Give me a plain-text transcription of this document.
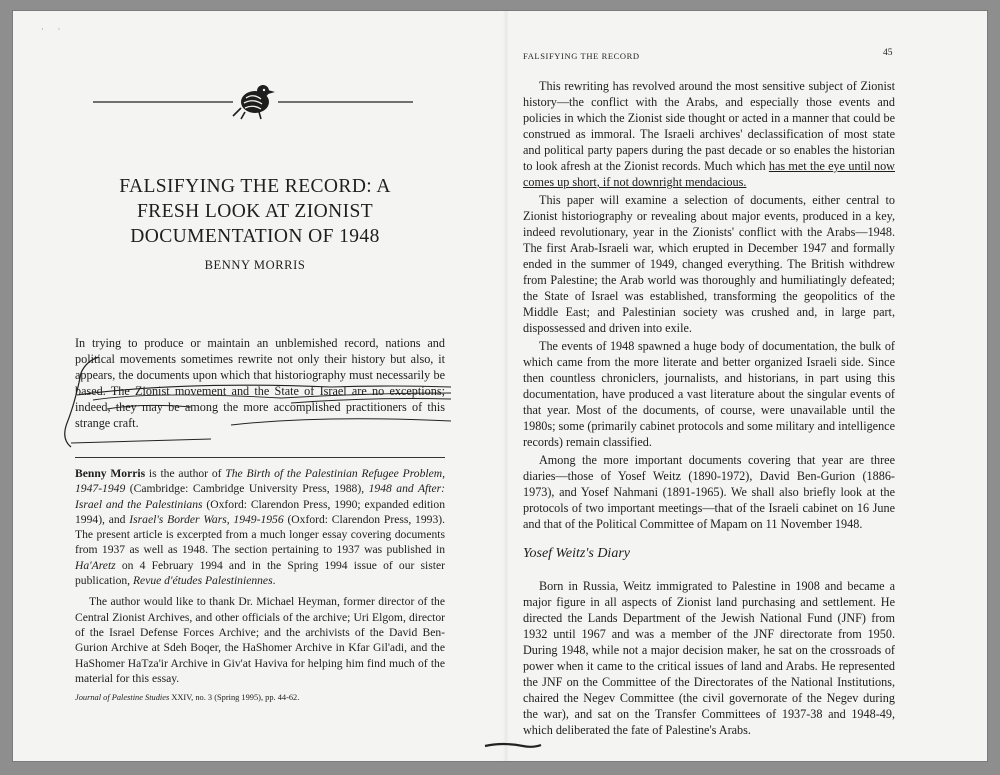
· ·
FALSIFYING THE RECORD: A
FRESH LOOK AT ZIONIST
DOCUMENTATION OF 1948
BENNY MORRIS

In trying to produce or maintain an unblemished record, nations and political movements sometimes rewrite not only their history but also, it appears, the documents upon which that historiography must necessarily be based. The Zionist movement and the State of Israel are no exceptions; indeed, they may be among the more accomplished practitioners of this strange craft.

Benny Morris is the author of The Birth of the Palestinian Refugee Problem, 1947-1949 (Cambridge: Cambridge University Press, 1988), 1948 and After: Israel and the Palestinians (Oxford: Clarendon Press, 1990; expanded edition 1994), and Israel's Border Wars, 1949-1956 (Oxford: Clarendon Press, 1993). The present article is excerpted from a much longer essay covering documents from 1937 as well as 1948. The section pertaining to 1937 was published in Ha'Aretz on 4 February 1994 and in the Spring 1994 issue of our sister publication, Revue d'études Palestiniennes.

The author would like to thank Dr. Michael Heyman, former director of the Central Zionist Archives, and other officials of the archive; Uri Elgom, director of the Israel Defense Forces Archive; and the archivists of the David Ben-Gurion Archive at Sdeh Boqer, the HaShomer Archive in Kfar Gil'adi, and the HaShomer HaTza'ir Archive in Giv'at Haviva for helping him find much of the material for this essay.

Journal of Palestine Studies XXIV, no. 3 (Spring 1995), pp. 44-62.
FALSIFYING THE RECORD	45

This rewriting has revolved around the most sensitive subject of Zionist history—the conflict with the Arabs, and especially those events and policies in which the Zionist side thought or acted in a manner that could be construed as immoral. The Israeli archives' declassification of most state and political party papers during the past decade or so enables the historian to look afresh at the Zionist records. Much which has met the eye until now comes up short, if not downright mendacious.

This paper will examine a selection of documents, either central to Zionist historiography or revealing about major events, produced in a key, indeed revolutionary, year in the Zionists' conflict with the Arabs—1948. The first Arab-Israeli war, which erupted in December 1947 and formally ended in the summer of 1949, changed everything. The British withdrew from Palestine; the Arab world was thoroughly and humiliatingly defeated; the State of Israel was established, transforming the geopolitics of the Middle East; and Palestinian society was crushed and, in large part, dispossessed and driven into exile.

The events of 1948 spawned a huge body of documentation, the bulk of which came from the more literate and better organized Israeli side. Since then countless chroniclers, journalists, and historians, in part using this documentation, have produced a vast literature about the singular events of that year. Most of the documents, of course, were unavailable until the 1980s; some (primarily cabinet protocols and some military and intelligence records) remain classified.

Among the more important documents covering that year are three diaries—those of Yosef Weitz (1890-1972), David Ben-Gurion (1886-1973), and Yosef Nahmani (1891-1965). We shall also briefly look at the protocols of two important meetings—that of the Israeli cabinet on 16 June and that of the Political Committee of Mapam on 11 November 1948.

Yosef Weitz's Diary

Born in Russia, Weitz immigrated to Palestine in 1908 and became a major figure in all aspects of Zionist land purchasing and settlement. He directed the Lands Department of the Jewish National Fund (JNF) from 1932 until 1967 and was a member of the JNF directorate from 1950. During 1948, while not a major decision maker, he sat on the crossroads of power when it came to the critical issues of land and Arabs. He represented the JNF on the Committee of the Directorates of the National Institutions, chaired the Negev Committee (the civil governorate of the Negev during the war), and sat on the Transfer Committees of 1937-38 and 1948-49, which deliberated the fate of Palestine's Arabs.
